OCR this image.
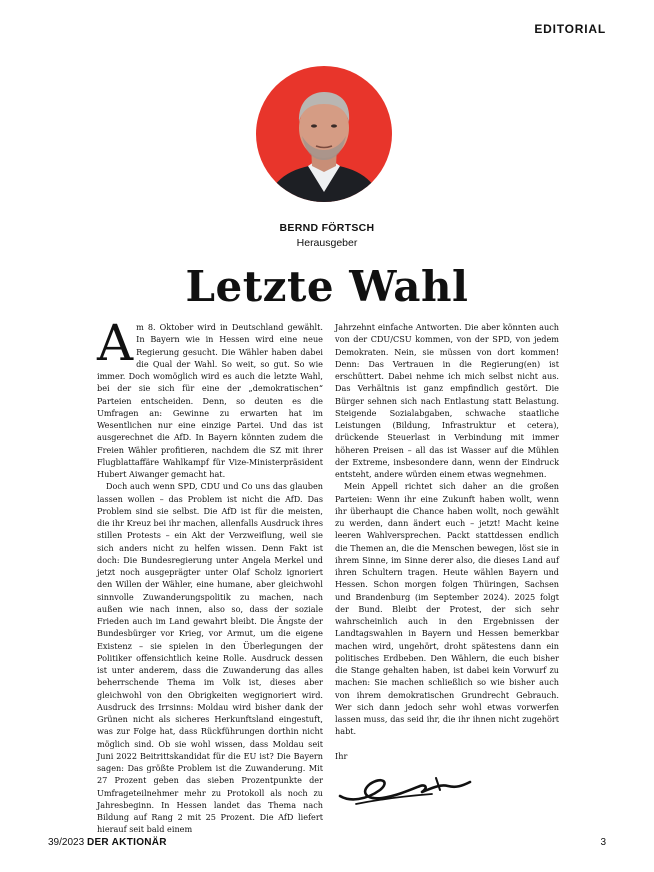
EDITORIAL
BERND FÖRTSCH
Herausgeber
Letzte Wahl

Am 8. Oktober wird in Deutschland gewählt. In Bayern wie in Hessen wird eine neue Regierung gesucht. Die Wähler haben dabei die Qual der Wahl. So weit, so gut. So wie immer. Doch womöglich wird es auch die letzte Wahl, bei der sie sich für eine der „demokratischen“ Parteien entscheiden. Denn, so deuten es die Umfragen an: Gewinne zu erwarten hat im Wesentlichen nur eine einzige Partei. Und das ist ausgerechnet die AfD. In Bayern könnten zudem die Freien Wähler profitieren, nachdem die SZ mit ihrer Flugblattaffäre Wahlkampf für Vize-Ministerpräsident Hubert Aiwanger gemacht hat.

Doch auch wenn SPD, CDU und Co uns das glauben lassen wollen – das Problem ist nicht die AfD. Das Problem sind sie selbst. Die AfD ist für die meisten, die ihr Kreuz bei ihr machen, allenfalls Ausdruck ihres stillen Protests – ein Akt der Verzweiflung, weil sie sich anders nicht zu helfen wissen. Denn Fakt ist doch: Die Bundesregierung unter Angela Merkel und jetzt noch ausgeprägter unter Olaf Scholz ignoriert den Willen der Wähler, eine humane, aber gleichwohl sinnvolle Zuwanderungspolitik zu machen, nach außen wie nach innen, also so, dass der soziale Frieden auch im Land gewahrt bleibt. Die Ängste der Bundesbürger vor Krieg, vor Armut, um die eigene Existenz – sie spielen in den Überlegungen der Politiker offensichtlich keine Rolle. Ausdruck dessen ist unter anderem, dass die Zuwanderung das alles beherrschende Thema im Volk ist, dieses aber gleichwohl von den Obrigkeiten wegignoriert wird. Ausdruck des Irrsinns: Moldau wird bisher dank der Grünen nicht als sicheres Herkunftsland eingestuft, was zur Folge hat, dass Rückführungen dorthin nicht möglich sind. Ob sie wohl wissen, dass Moldau seit Juni 2022 Beitrittskandidat für die EU ist? Die Bayern sagen: Das größte Problem ist die Zuwanderung. Mit 27 Prozent geben das sieben Prozentpunkte der Umfrageteilnehmer mehr zu Protokoll als noch zu Jahresbeginn. In Hessen landet das Thema nach Bildung auf Rang 2 mit 25 Prozent. Die AfD liefert hierauf seit bald einem

Jahrzehnt einfache Antworten. Die aber könnten auch von der CDU/CSU kommen, von der SPD, von jedem Demokraten. Nein, sie müssen von dort kommen! Denn: Das Vertrauen in die Regierung(en) ist erschüttert. Dabei nehme ich mich selbst nicht aus. Das Verhältnis ist ganz empfindlich gestört. Die Bürger sehnen sich nach Entlastung statt Belastung. Steigende Sozialabgaben, schwache staatliche Leistungen (Bildung, Infrastruktur et cetera), drückende Steuerlast in Verbindung mit immer höheren Preisen – all das ist Wasser auf die Mühlen der Extreme, insbesondere dann, wenn der Eindruck entsteht, andere würden einem etwas wegnehmen.

Mein Appell richtet sich daher an die großen Parteien: Wenn ihr eine Zukunft haben wollt, wenn ihr überhaupt die Chance haben wollt, noch gewählt zu werden, dann ändert euch – jetzt! Macht keine leeren Wahlversprechen. Packt stattdessen endlich die Themen an, die die Menschen bewegen, löst sie in ihrem Sinne, im Sinne derer also, die dieses Land auf ihren Schultern tragen. Heute wählen Bayern und Hessen. Schon morgen folgen Thüringen, Sachsen und Brandenburg (im September 2024). 2025 folgt der Bund. Bleibt der Protest, der sich sehr wahrscheinlich auch in den Ergebnissen der Landtagswahlen in Bayern und Hessen bemerkbar machen wird, ungehört, droht spätestens dann ein politisches Erdbeben. Den Wählern, die euch bisher die Stange gehalten haben, ist dabei kein Vorwurf zu machen: Sie machen schließlich so wie bisher auch von ihrem demokratischen Grundrecht Gebrauch. Wer sich dann jedoch sehr wohl etwas vorwerfen lassen muss, das seid ihr, die ihr ihnen nicht zugehört habt.

Ihr

39/2023 DER AKTIONÄR	3
